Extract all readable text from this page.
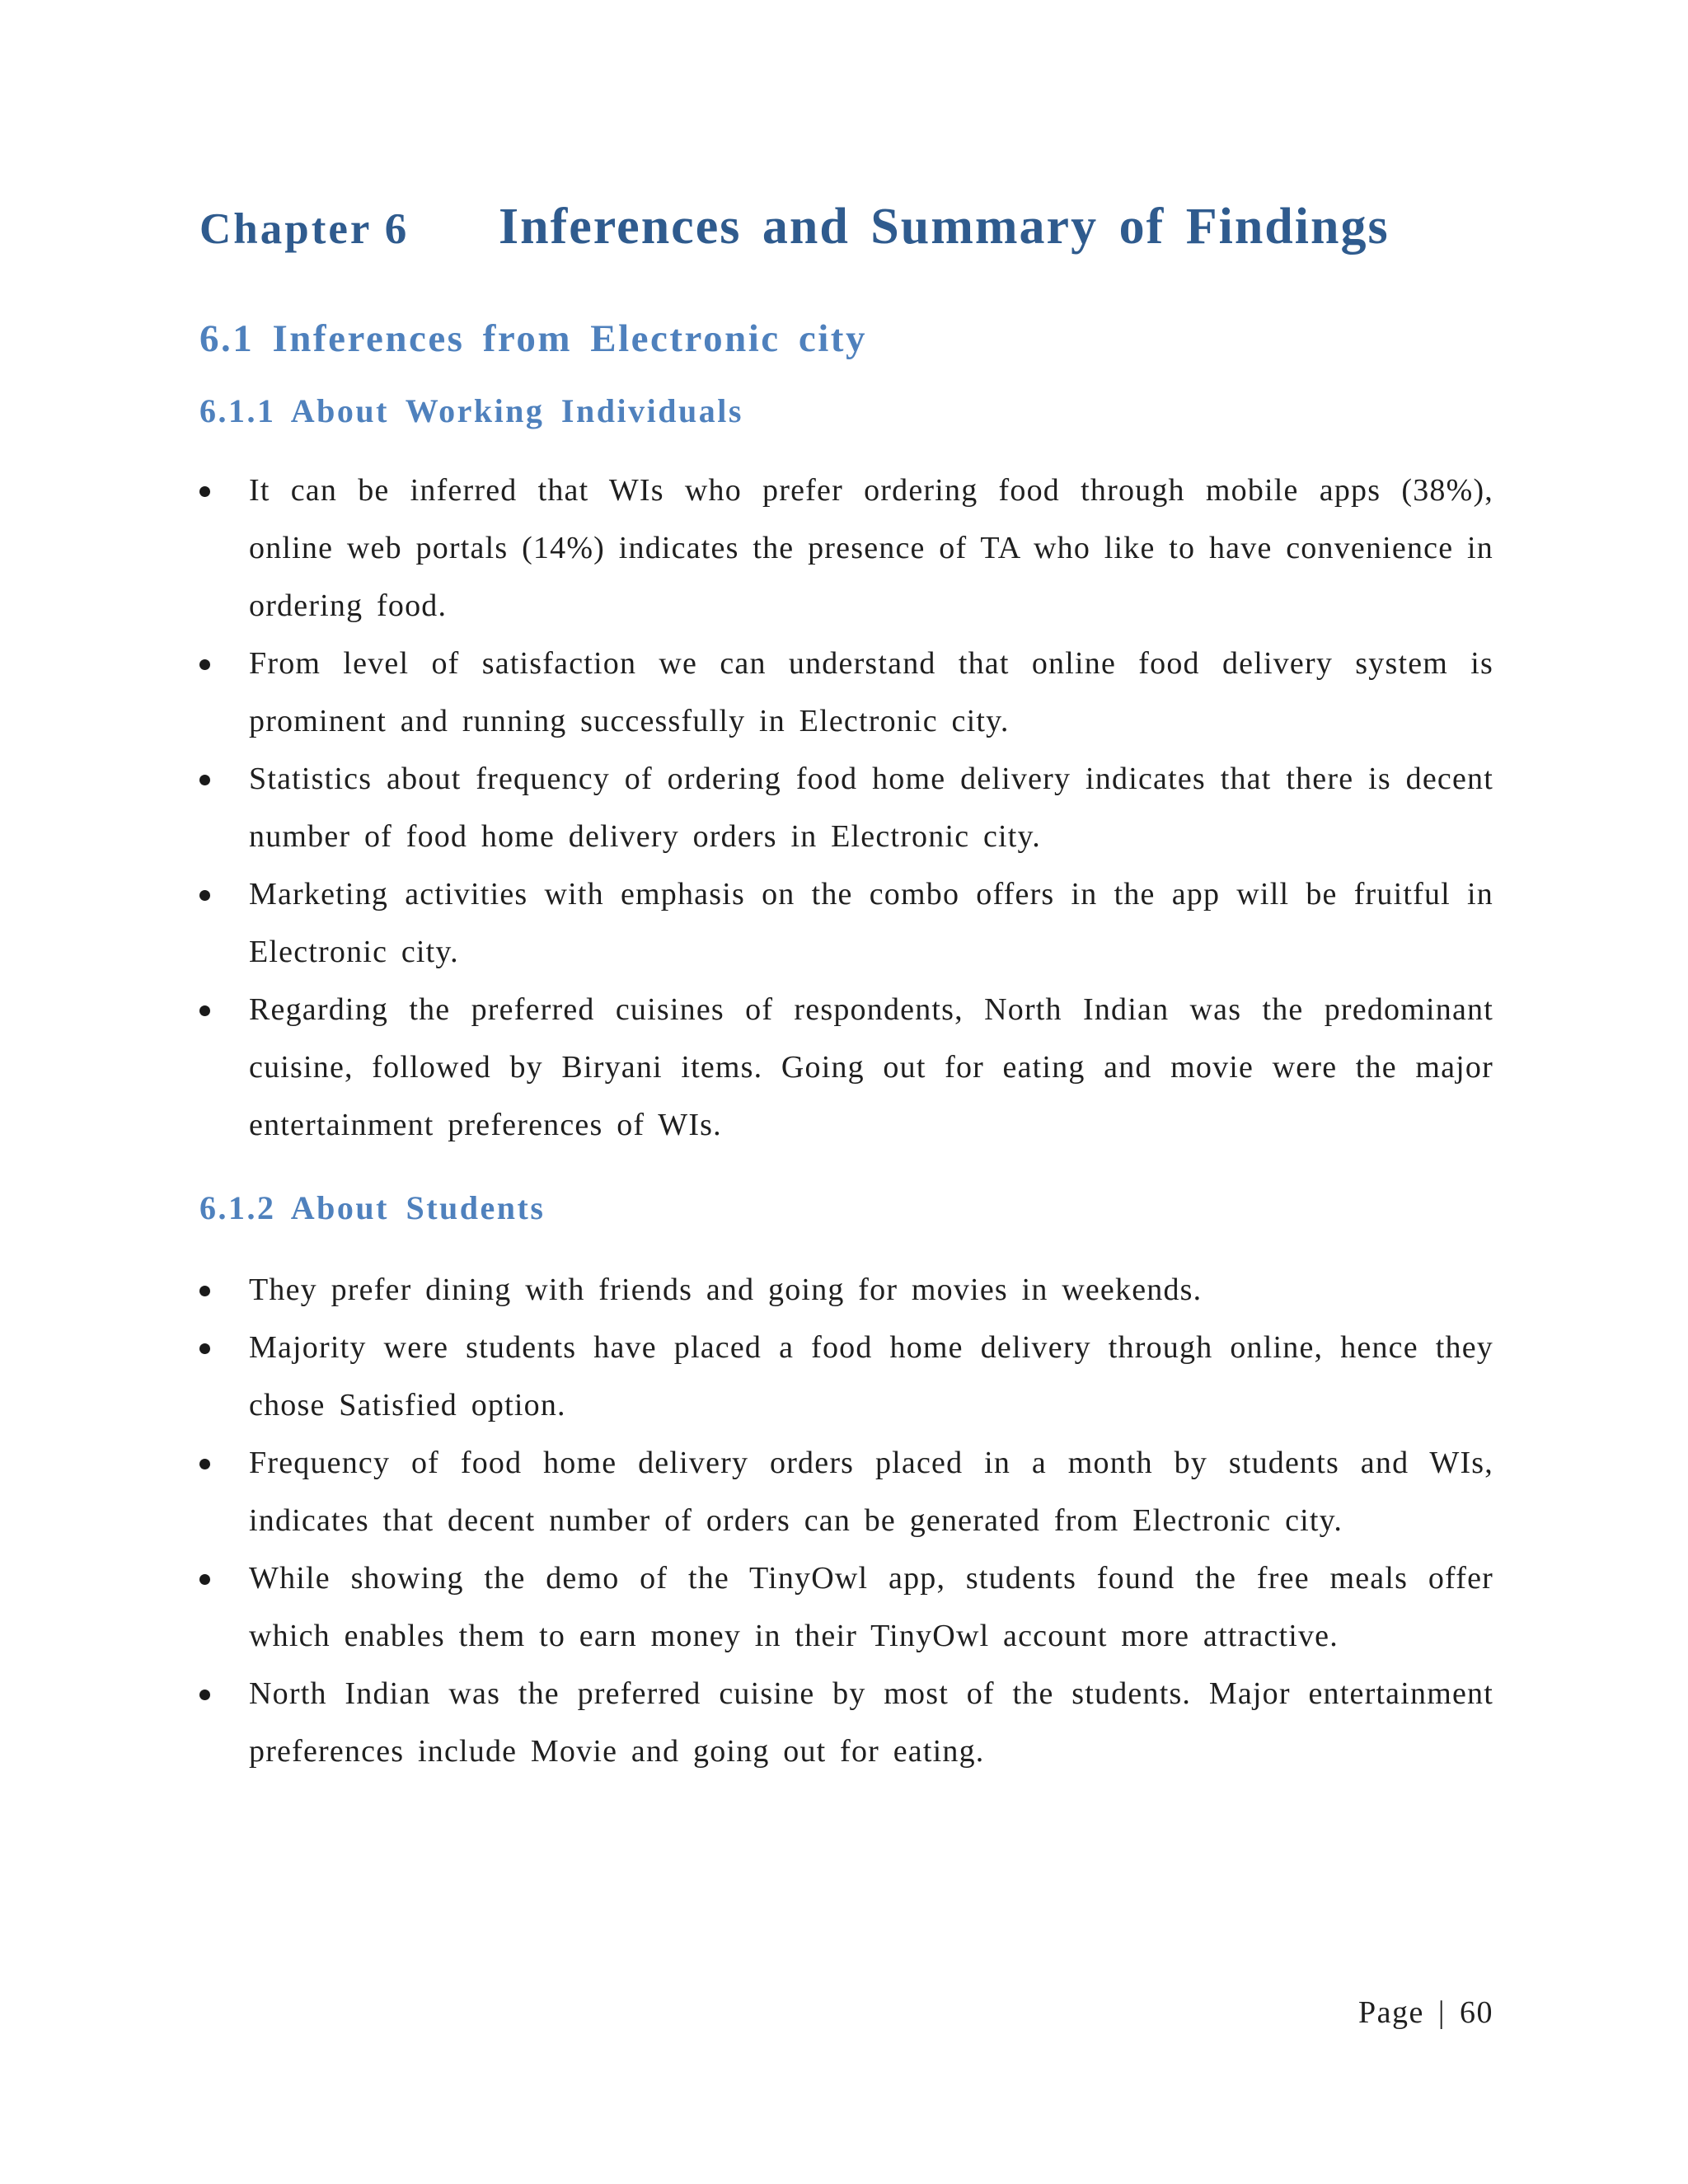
Chapter 6 Inferences and Summary of Findings
6.1 Inferences from Electronic city
6.1.1 About Working Individuals
It can be inferred that WIs who prefer ordering food through mobile apps (38%), online web portals (14%) indicates the presence of TA who like to have convenience in ordering food.
From level of satisfaction we can understand that online food delivery system is prominent and running successfully in Electronic city.
Statistics about frequency of ordering food home delivery indicates that there is decent number of food home delivery orders in Electronic city.
Marketing activities with emphasis on the combo offers in the app will be fruitful in Electronic city.
Regarding the preferred cuisines of respondents, North Indian was the predominant cuisine, followed by Biryani items. Going out for eating and movie were the major entertainment preferences of WIs.
6.1.2 About Students
They prefer dining with friends and going for movies in weekends.
Majority were students have placed a food home delivery through online, hence they chose Satisfied option.
Frequency of food home delivery orders placed in a month by students and WIs, indicates that decent number of orders can be generated from Electronic city.
While showing the demo of the TinyOwl app, students found the free meals offer which enables them to earn money in their TinyOwl account more attractive.
North Indian was the preferred cuisine by most of the students. Major entertainment preferences include Movie and going out for eating.
Page | 60
